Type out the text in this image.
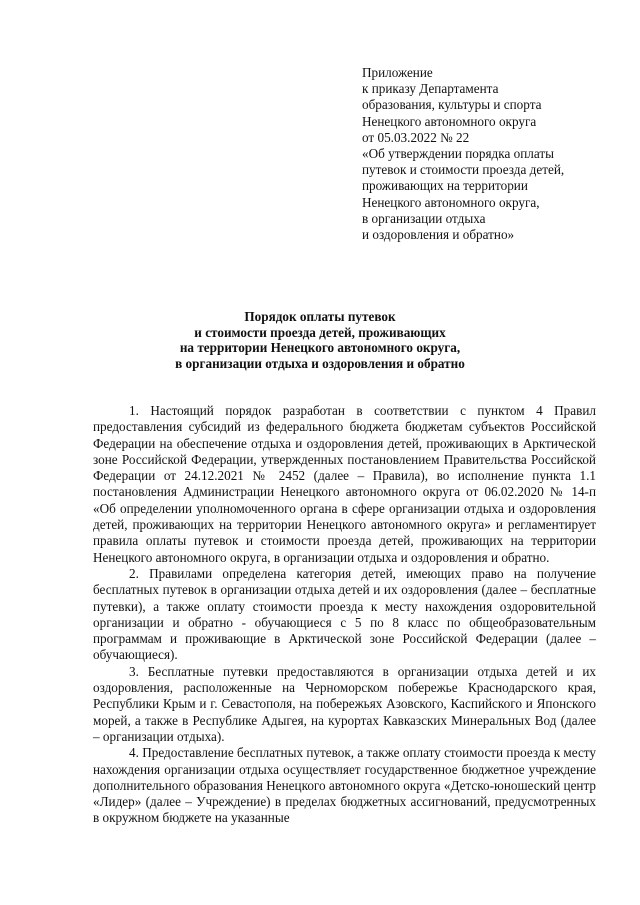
Приложение
к приказу Департамента
образования, культуры и спорта
Ненецкого автономного округа
от 05.03.2022 № 22
«Об утверждении порядка оплаты
путевок и стоимости проезда детей,
проживающих на территории
Ненецкого автономного округа,
в организации отдыха
и оздоровления и обратно»
Порядок оплаты путевок
и стоимости проезда детей, проживающих
на территории Ненецкого автономного округа,
в организации отдыха и оздоровления и обратно

1. Настоящий порядок разработан в соответствии с пунктом 4 Правил предоставления субсидий из федерального бюджета бюджетам субъектов Российской Федерации на обеспечение отдыха и оздоровления детей, проживающих в Арктической зоне Российской Федерации, утвержденных постановлением Правительства Российской Федерации от 24.12.2021 № 2452 (далее – Правила), во исполнение пункта 1.1 постановления Администрации Ненецкого автономного округа от 06.02.2020 № 14-п «Об определении уполномоченного органа в сфере организации отдыха и оздоровления детей, проживающих на территории Ненецкого автономного округа» и регламентирует правила оплаты путевок и стоимости проезда детей, проживающих на территории Ненецкого автономного округа, в организации отдыха и оздоровления и обратно.

2. Правилами определена категория детей, имеющих право на получение бесплатных путевок в организации отдыха детей и их оздоровления (далее – бесплатные путевки), а также оплату стоимости проезда к месту нахождения оздоровительной организации и обратно - обучающиеся с 5 по 8 класс по общеобразовательным программам и проживающие в Арктической зоне Российской Федерации (далее – обучающиеся).

3. Бесплатные путевки предоставляются в организации отдыха детей и их оздоровления, расположенные на Черноморском побережье Краснодарского края, Республики Крым и г. Севастополя, на побережьях Азовского, Каспийского и Японского морей, а также в Республике Адыгея, на курортах Кавказских Минеральных Вод (далее – организации отдыха).

4. Предоставление бесплатных путевок, а также оплату стоимости проезда к месту нахождения организации отдыха осуществляет государственное бюджетное учреждение дополнительного образования Ненецкого автономного округа «Детско-юношеский центр «Лидер» (далее – Учреждение) в пределах бюджетных ассигнований, предусмотренных в окружном бюджете на указанные
